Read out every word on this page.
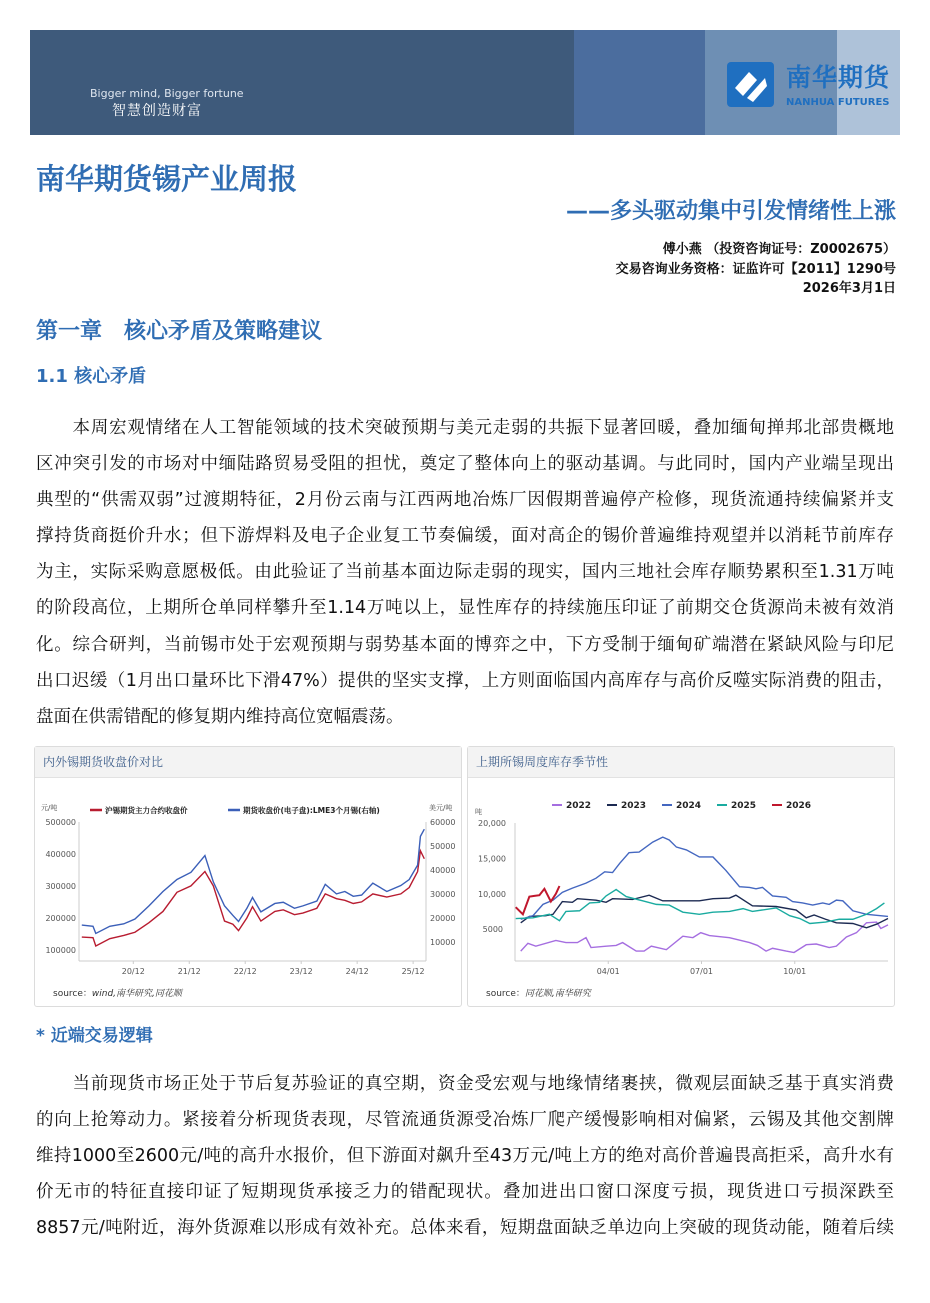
Bigger mind, Bigger fortune
智慧创造财富
南华期货
NANHUA FUTURES
南华期货锡产业周报
——多头驱动集中引发情绪性上涨
傅小燕 （投资咨询证号：Z0002675）
交易咨询业务资格：证监许可【2011】1290号
2026年3月1日
第一章　核心矛盾及策略建议
1.1 核心矛盾
　　本周宏观情绪在人工智能领域的技术突破预期与美元走弱的共振下显著回暖，叠加缅甸掸邦北部贵概地
区冲突引发的市场对中缅陆路贸易受阻的担忧，奠定了整体向上的驱动基调。与此同时，国内产业端呈现出
典型的“供需双弱”过渡期特征，2月份云南与江西两地冶炼厂因假期普遍停产检修，现货流通持续偏紧并支
撑持货商挺价升水；但下游焊料及电子企业复工节奏偏缓，面对高企的锡价普遍维持观望并以消耗节前库存
为主，实际采购意愿极低。由此验证了当前基本面边际走弱的现实，国内三地社会库存顺势累积至1.31万吨
的阶段高位，上期所仓单同样攀升至1.14万吨以上，显性库存的持续施压印证了前期交仓货源尚未被有效消
化。综合研判，当前锡市处于宏观预期与弱势基本面的博弈之中，下方受制于缅甸矿端潜在紧缺风险与印尼
出口迟缓（1月出口量环比下滑47%）提供的坚实支撑，上方则面临国内高库存与高价反噬实际消费的阻击，
盘面在供需错配的修复期内维持高位宽幅震荡。
内外锡期货收盘价对比
元/吨	美元/吨
100000
200000
300000
400000
500000
10000
20000
30000
40000
50000
60000
20/12	21/12	22/12	23/12	24/12	25/12
沪锡期货主力合约收盘价	期货收盘价(电子盘):LME3个月锡(右轴)
source：wind,南华研究,同花顺
上期所锡周度库存季节性
吨
5000
10,000
15,000
20,000
04/01	07/01	10/01
2022	2023	2024	2025	2026
source：同花顺,南华研究
* 近端交易逻辑
　　当前现货市场正处于节后复苏验证的真空期，资金受宏观与地缘情绪裹挟，微观层面缺乏基于真实消费
的向上抢筹动力。紧接着分析现货表现，尽管流通货源受冶炼厂爬产缓慢影响相对偏紧，云锡及其他交割牌
维持1000至2600元/吨的高升水报价，但下游面对飙升至43万元/吨上方的绝对高价普遍畏高拒采，高升水有
价无市的特征直接印证了短期现货承接乏力的错配现状。叠加进出口窗口深度亏损，现货进口亏损深跌至
8857元/吨附近，海外货源难以形成有效补充。总体来看，短期盘面缺乏单边向上突破的现货动能，随着后续
